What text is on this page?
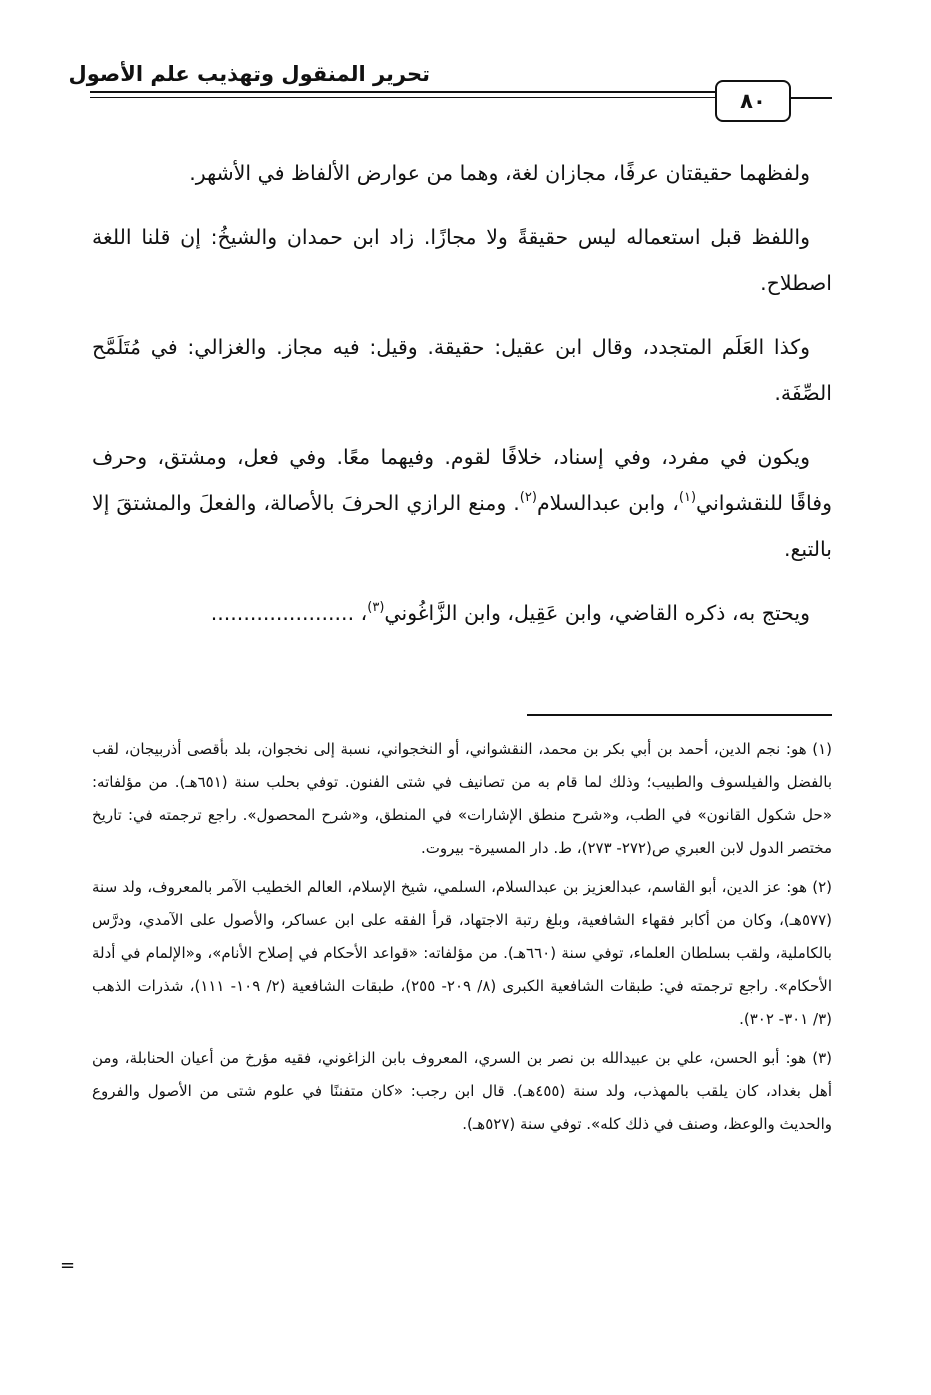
تحرير المنقول وتهذيب علم الأصول
٨٠

ولفظهما حقيقتان عرفًا، مجازان لغة، وهما من عوارض الألفاظ في الأشهر.

واللفظ قبل استعماله ليس حقيقةً ولا مجازًا. زاد ابن حمدان والشيخُ: إن قلنا اللغة اصطلاح.

وكذا العَلَم المتجدد، وقال ابن عقيل: حقيقة. وقيل: فيه مجاز. والغزالي: في مُتَلَمَّح الصِّفَة.

ويكون في مفرد، وفي إسناد، خلافًا لقوم. وفيهما معًا. وفي فعل، ومشتق، وحرف وفاقًا للنقشواني$^{(١)}$، وابن عبدالسلام$^{(٢)}$. ومنع الرازي الحرفَ بالأصالة، والفعلَ والمشتقَ إلا بالتبع.

ويحتج به، ذكره القاضي، وابن عَقِيل، وابن الزَّاغُوني$^{(٣)}$، ......................

(١) هو: نجم الدين، أحمد بن أبي بكر بن محمد، النقشواني، أو النخجواني، نسبة إلى نخجوان، بلد بأقصى أذربيجان، لقب بالفضل والفيلسوف والطبيب؛ وذلك لما قام به من تصانيف في شتى الفنون. توفي بحلب سنة (٦٥١هـ). من مؤلفاته: «حل شكول القانون» في الطب، و«شرح منطق الإشارات» في المنطق، و«شرح المحصول». راجع ترجمته في: تاريخ مختصر الدول لابن العبري ص(٢٧٢- ٢٧٣)، ط. دار المسيرة- بيروت.

(٢) هو: عز الدين، أبو القاسم، عبدالعزيز بن عبدالسلام، السلمي، شيخ الإسلام، العالم الخطيب الآمر بالمعروف، ولد سنة (٥٧٧هـ)، وكان من أكابر فقهاء الشافعية، وبلغ رتبة الاجتهاد، قرأ الفقه على ابن عساكر، والأصول على الآمدي، ودرَّس بالكاملية، ولقب بسلطان العلماء، توفي سنة (٦٦٠هـ). من مؤلفاته: «قواعد الأحكام في إصلاح الأنام»، و«الإلمام في أدلة الأحكام». راجع ترجمته في: طبقات الشافعية الكبرى (٨/ ٢٠٩- ٢٥٥)، طبقات الشافعية (٢/ ١٠٩- ١١١)، شذرات الذهب (٣/ ٣٠١- ٣٠٢).

(٣) هو: أبو الحسن، علي بن عبيدالله بن نصر بن السري، المعروف بابن الزاغوني، فقيه مؤرخ من أعيان الحنابلة، ومن أهل بغداد، كان يلقب بالمهذب، ولد سنة (٤٥٥هـ). قال ابن رجب: «كان متفننًا في علوم شتى من الأصول والفروع والحديث والوعظ، وصنف في ذلك كله». توفي سنة (٥٢٧هـ).

=
